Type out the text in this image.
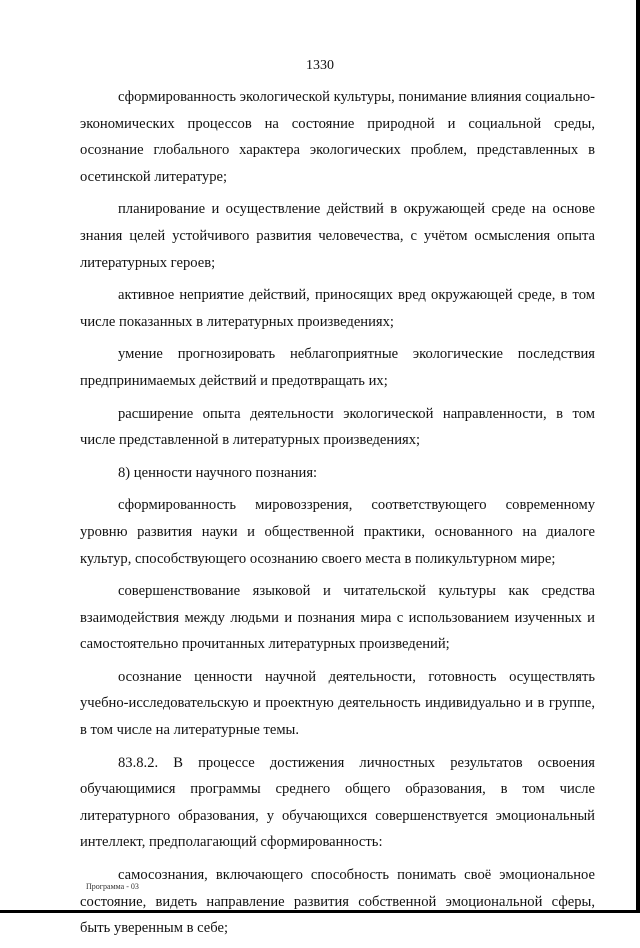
1330

сформированность экологической культуры, понимание влияния социально-экономических процессов на состояние природной и социальной среды, осознание глобального характера экологических проблем, представленных в осетинской литературе;

планирование и осуществление действий в окружающей среде на основе знания целей устойчивого развития человечества, с учётом осмысления опыта литературных героев;

активное неприятие действий, приносящих вред окружающей среде, в том числе показанных в литературных произведениях;

умение прогнозировать неблагоприятные экологические последствия предпринимаемых действий и предотвращать их;

расширение опыта деятельности экологической направленности, в том числе представленной в литературных произведениях;

8) ценности научного познания:

сформированность мировоззрения, соответствующего современному уровню развития науки и общественной практики, основанного на диалоге культур, способствующего осознанию своего места в поликультурном мире;

совершенствование языковой и читательской культуры как средства взаимодействия между людьми и познания мира с использованием изученных и самостоятельно прочитанных литературных произведений;

осознание ценности научной деятельности, готовность осуществлять учебно-исследовательскую и проектную деятельность индивидуально и в группе, в том числе на литературные темы.

83.8.2. В процессе достижения личностных результатов освоения обучающимися программы среднего общего образования, в том числе литературного образования, у обучающихся совершенствуется эмоциональный интеллект, предполагающий сформированность:

самосознания, включающего способность понимать своё эмоциональное состояние, видеть направление развития собственной эмоциональной сферы, быть уверенным в себе;

Программа - 03
